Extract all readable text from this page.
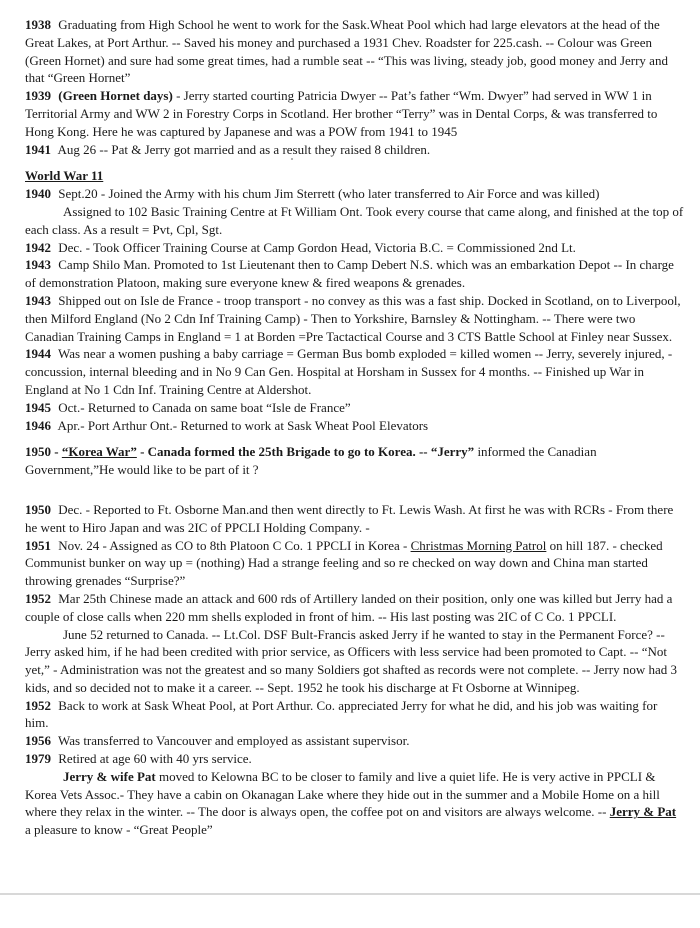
1938 Graduating from High School he went to work for the Sask.Wheat Pool which had large elevators at the head of the Great Lakes, at Port Arthur. -- Saved his money and purchased a 1931 Chev. Roadster for 225.cash. -- Colour was Green (Green Hornet) and sure had some great times, had a rumble seat -- “This was living, steady job, good money and Jerry and that “Green Hornet”

1939 (Green Hornet days) - Jerry started courting Patricia Dwyer -- Pat’s father “Wm. Dwyer” had served in WW 1 in Territorial Army and WW 2 in Forestry Corps in Scotland. Her brother “Terry” was in Dental Corps, & was transferred to Hong Kong. Here he was captured by Japanese and was a POW from 1941 to 1945

1941 Aug 26 -- Pat & Jerry got married and as a result they raised 8 children.

World War 11

1940 Sept.20 - Joined the Army with his chum Jim Sterrett (who later transferred to Air Force and was killed)

Assigned to 102 Basic Training Centre at Ft William Ont. Took every course that came along, and finished at the top of each class. As a result = Pvt, Cpl, Sgt.

1942 Dec. - Took Officer Training Course at Camp Gordon Head, Victoria B.C. = Commissioned 2nd Lt.

1943 Camp Shilo Man. Promoted to 1st Lieutenant then to Camp Debert N.S. which was an embarkation Depot -- In charge of demonstration Platoon, making sure everyone knew & fired weapons & grenades.

1943 Shipped out on Isle de France - troop transport - no convey as this was a fast ship. Docked in Scotland, on to Liverpool, then Milford England (No 2 Cdn Inf Training Camp) - Then to Yorkshire, Barnsley & Nottingham. -- There were two Canadian Training Camps in England = 1 at Borden =Pre Tactactical Course and 3 CTS Battle School at Finley near Sussex.

1944 Was near a women pushing a baby carriage = German Bus bomb exploded = killed women -- Jerry, severely injured, - concussion, internal bleeding and in No 9 Can Gen. Hospital at Horsham in Sussex for 4 months. -- Finished up War in England at No 1 Cdn Inf. Training Centre at Aldershot.

1945 Oct.- Returned to Canada on same boat “Isle de France”

1946 Apr.- Port Arthur Ont.- Returned to work at Sask Wheat Pool Elevators

1950 - “Korea War” - Canada formed the 25th Brigade to go to Korea. -- “Jerry” informed the Canadian Government,”He would like to be part of it ?

1950 Dec. - Reported to Ft. Osborne Man.and then went directly to Ft. Lewis Wash. At first he was with RCRs - From there he went to Hiro Japan and was 2IC of PPCLI Holding Company. -

1951 Nov. 24 - Assigned as CO to 8th Platoon C Co. 1 PPCLI in Korea - Christmas Morning Patrol on hill 187. - checked Communist bunker on way up = (nothing) Had a strange feeling and so re checked on way down and China man started throwing grenades “Surprise?”

1952 Mar 25th Chinese made an attack and 600 rds of Artillery landed on their position, only one was killed but Jerry had a couple of close calls when 220 mm shells exploded in front of him. -- His last posting was 2IC of C Co. 1 PPCLI.

June 52 returned to Canada. -- Lt.Col. DSF Bult-Francis asked Jerry if he wanted to stay in the Permanent Force? -- Jerry asked him, if he had been credited with prior service, as Officers with less service had been promoted to Capt. -- “Not yet,” - Administration was not the greatest and so many Soldiers got shafted as records were not complete. -- Jerry now had 3 kids, and so decided not to make it a career. -- Sept. 1952 he took his discharge at Ft Osborne at Winnipeg.

1952 Back to work at Sask Wheat Pool, at Port Arthur. Co. appreciated Jerry for what he did, and his job was waiting for him.

1956 Was transferred to Vancouver and employed as assistant supervisor.

1979 Retired at age 60 with 40 yrs service.

Jerry & wife Pat moved to Kelowna BC to be closer to family and live a quiet life. He is very active in PPCLI & Korea Vets Assoc.- They have a cabin on Okanagan Lake where they hide out in the summer and a Mobile Home on a hill where they relax in the winter. -- The door is always open, the coffee pot on and visitors are always welcome. -- Jerry & Pat a pleasure to know - “Great People”
